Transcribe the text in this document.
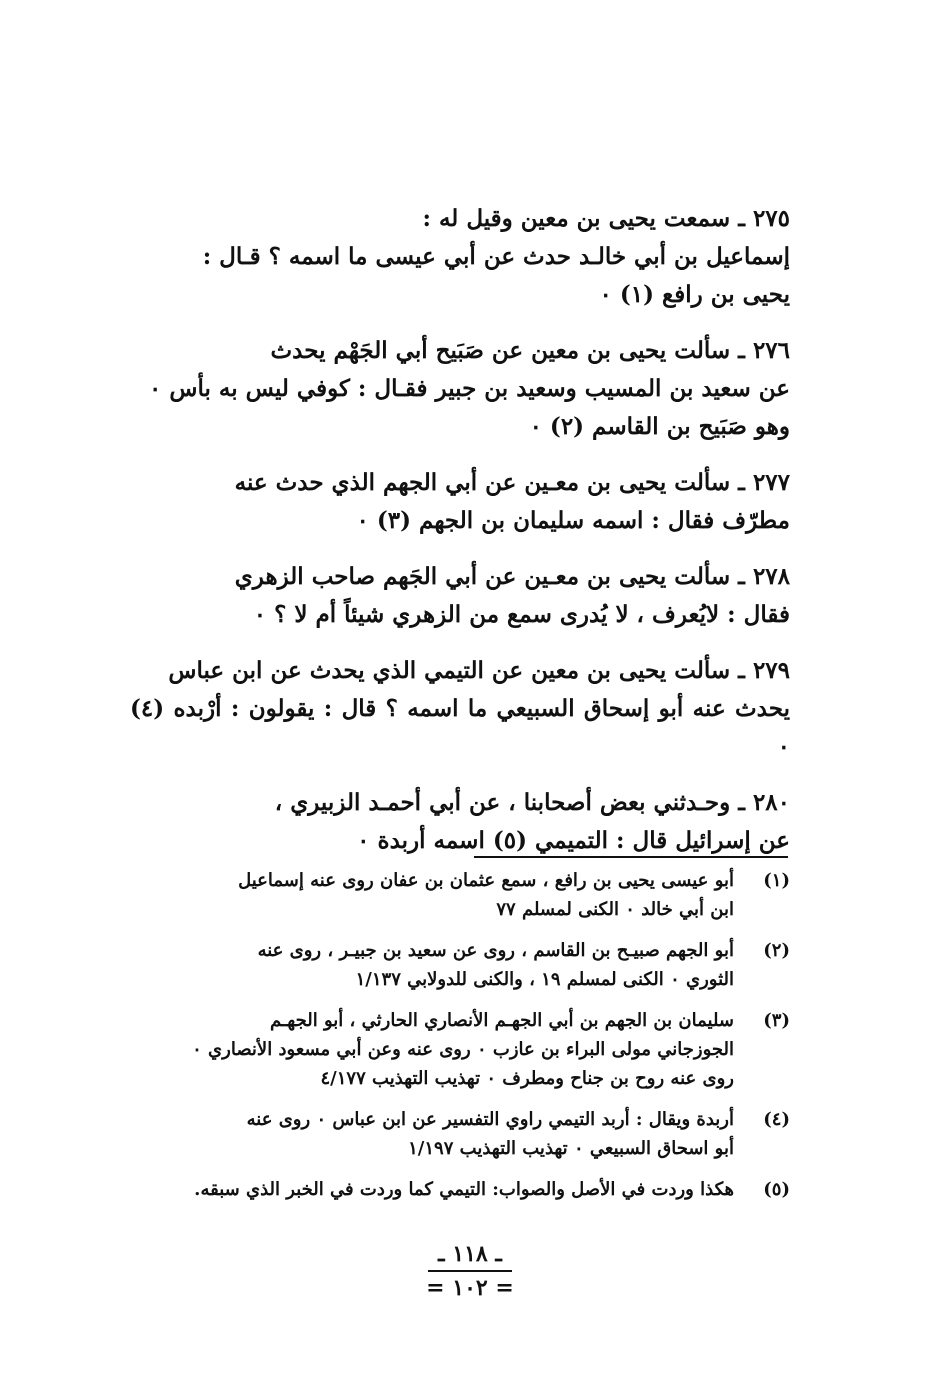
٢٧٥ ـ سمعت يحيى بن معين وقيل له :

إسماعيل بن أبي خالـد حدث عن أبي عيسى ما اسمه ؟ قـال :

يحيى بن رافع (١) ٠

٢٧٦ ـ سألت يحيى بن معين عن صَبَيح أبي الجَهْم يحدث

عن سعيد بن المسيب وسعيد بن جبير فقـال : كوفي ليس به بأس ٠

وهو صَبَيح بن القاسم (٢) ٠

٢٧٧ ـ سألت يحيى بن معـين عن أبي الجهم الذي حدث عنه

مطرّف فقال : اسمه سليمان بن الجهم (٣) ٠

٢٧٨ ـ سألت يحيى بن معـين عن أبي الجَهم صاحب الزهري

فقال : لايُعرف ، لا يُدرى سمع من الزهري شيئاً أم لا ؟ ٠

٢٧٩ ـ سألت يحيى بن معين عن التيمي الذي يحدث عن ابن عباس

يحدث عنه أبو إسحاق السبيعي ما اسمه ؟ قال : يقولون : أرْبده (٤) ٠

٢٨٠ ـ وحـدثني بعض أصحابنا ، عن أبي أحمـد الزبيري ،

عن إسرائيل قال : التميمي (٥) اسمه أربدة ٠

(١)

أبو عيسى يحيى بن رافع ، سمع عثمان بن عفان روى عنه إسماعيل

ابن أبي خالد ٠ الكنى لمسلم ٧٧

(٢)

أبو الجهم صبيـح بن القاسم ، روى عن سعيد بن جبيـر ، روى عنه

الثوري ٠ الكنى لمسلم ١٩ ، والكنى للدولابي ١/١٣٧

(٣)

سليمان بن الجهم بن أبي الجهـم الأنصاري الحارثي ، أبو الجهـم

الجوزجاني مولى البراء بن عازب ٠ روى عنه وعن أبي مسعود الأنصاري ٠

روى عنه روح بن جناح ومطرف ٠ تهذيب التهذيب ٤/١٧٧

(٤)

أربدة ويقال : أربد التيمي راوي التفسير عن ابن عباس ٠ روى عنه

أبو اسحاق السبيعي ٠ تهذيب التهذيب ١/١٩٧

(٥)

هكذا وردت في الأصل والصواب: التيمي كما وردت في الخبر الذي سبقه.

ـ ١١٨ ـ
= ١٠٢ =
